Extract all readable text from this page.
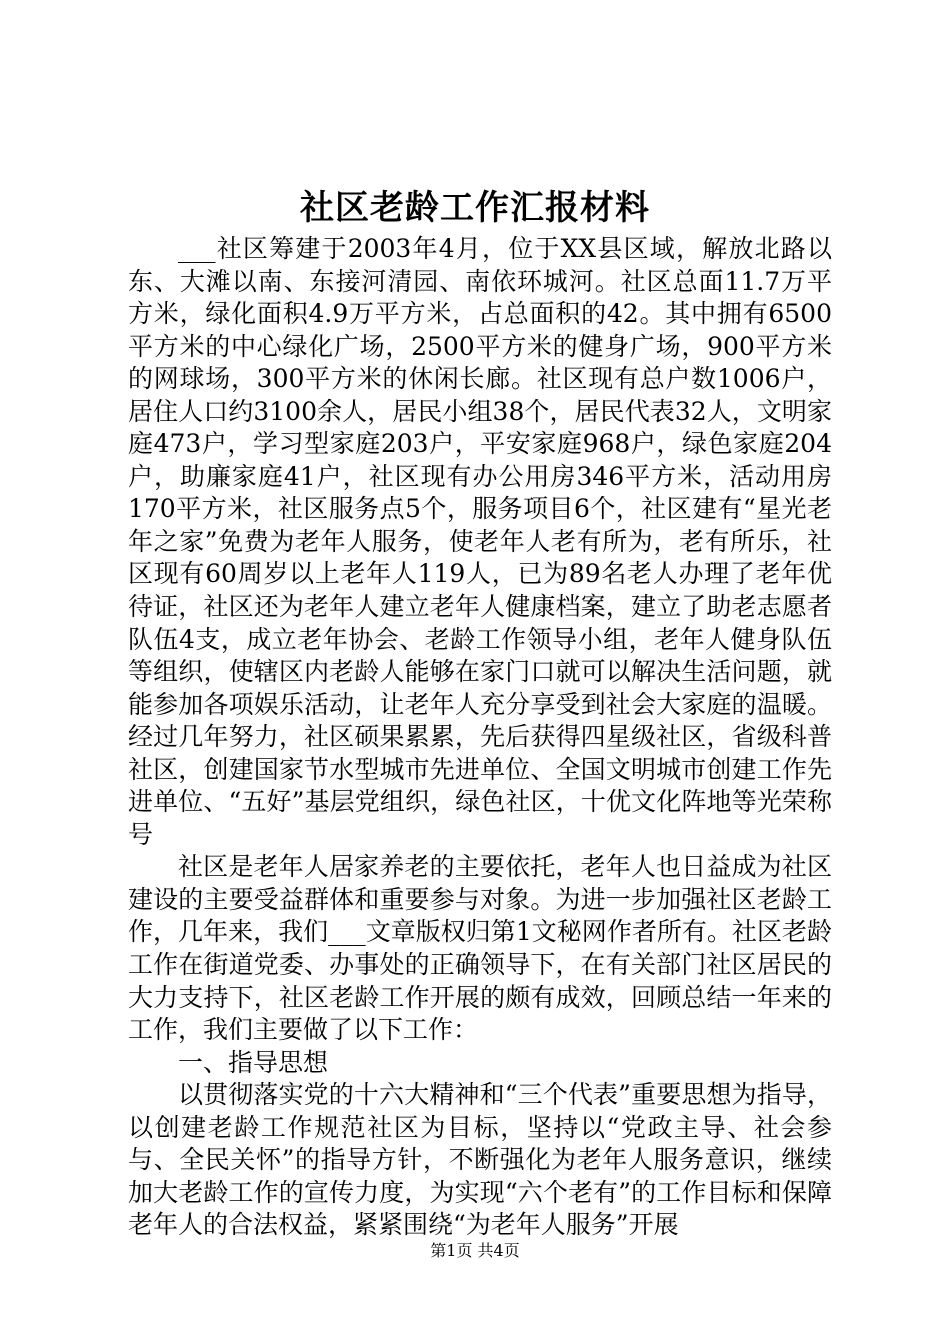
社区老龄工作汇报材料

___社区筹建于2003年4月，位于XX县区域，解放北路以东、大滩以南、东接河清园、南依环城河。社区总面11.7万平方米，绿化面积4.9万平方米，占总面积的42。其中拥有6500平方米的中心绿化广场，2500平方米的健身广场，900平方米的网球场，300平方米的休闲长廊。社区现有总户数1006户，居住人口约3100余人，居民小组38个，居民代表32人，文明家庭473户，学习型家庭203户，平安家庭968户，绿色家庭204户，助廉家庭41户，社区现有办公用房346平方米，活动用房170平方米，社区服务点5个，服务项目6个，社区建有“星光老年之家”免费为老年人服务，使老年人老有所为，老有所乐，社区现有60周岁以上老年人119人，已为89名老人办理了老年优待证，社区还为老年人建立老年人健康档案，建立了助老志愿者队伍4支，成立老年协会、老龄工作领导小组，老年人健身队伍等组织，使辖区内老龄人能够在家门口就可以解决生活问题，就能参加各项娱乐活动，让老年人充分享受到社会大家庭的温暖。经过几年努力，社区硕果累累，先后获得四星级社区，省级科普社区，创建国家节水型城市先进单位、全国文明城市创建工作先进单位、“五好”基层党组织，绿色社区，十优文化阵地等光荣称号

社区是老年人居家养老的主要依托，老年人也日益成为社区建设的主要受益群体和重要参与对象。为进一步加强社区老龄工作，几年来，我们___文章版权归第1文秘网作者所有。社区老龄工作在街道党委、办事处的正确领导下，在有关部门社区居民的大力支持下，社区老龄工作开展的颇有成效，回顾总结一年来的工作，我们主要做了以下工作：

一、指导思想

以贯彻落实党的十六大精神和“三个代表”重要思想为指导，以创建老龄工作规范社区为目标，坚持以“党政主导、社会参与、全民关怀”的指导方针，不断强化为老年人服务意识，继续加大老龄工作的宣传力度，为实现“六个老有”的工作目标和保障老年人的合法权益，紧紧围绕“为老年人服务”开展

第1页 共4页
